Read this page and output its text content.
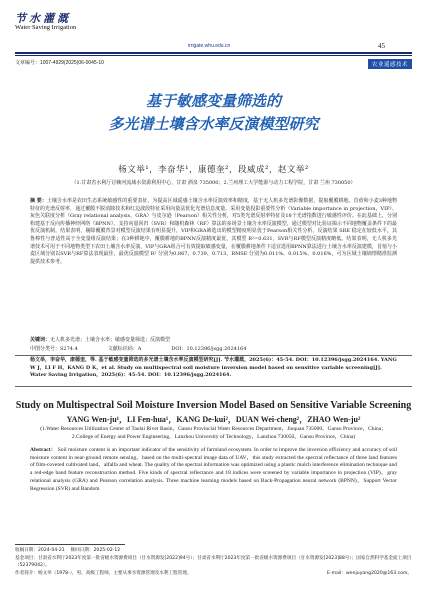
节水灌溉
Water Saving Irrigation
irrigate.whu.edu.cn	45
文章编号：1007-4929(2025)06-0045-10	农业遥感技术
基于敏感变量筛选的
多光谱土壤含水率反演模型研究
杨文举¹，李奋华¹，康德奎²，段威成²，赵文举²
（1.甘肃省水利厅讨赖河流域水资源利用中心，甘肃 酒泉 735000；2.兰州理工大学能源与动力工程学院，甘肃 兰州 730050）
摘 要：土壤含水率是农田生态系统敏感性的重要表征，为提高区域遥感土壤含水率反演效率和精度，基于无人机多光谱影像数据，提取覆膜耕地、苜蓿和小麦3种地物特征的光谱反射率，通过覆膜不脱消除技术和红边波段特征采用向量法优化光谱信息度量。采用变量投影重要性分析（Variable importance in projection，VIP）、灰色关联度分析（Gray relational analysis，GRA）与皮尔逊（Pearson）相关性分析，对5类光谱反射率特征及18个光谱指数进行敏感性评价。在此基础上，分别构建基于反向传播神经网络（BPNN）、支持向量回归（SVR）和随机森林（RF）算法的多场景土壤含水率反演模型，通过模型对比验证揭示不同地物覆盖条件下的最优反演机制。结果表明，剔除覆膜背景对模型反演结果有明显提升，VIP和GRA筛选出的模型精度明显优于Pearson相关性分析，反演结果 SRE 稳定在较低水平，其鲁棒性与普适性高于全变量组反演结果；在3种耕地中，覆膜耕地的BPNN反演精度最优，其模型 R²=0.631，SVR与RF模型反演精度略低。结果表明，无人机多光谱技术可用于不同地物类型下农田土壤含水率反演，VIP与GRA组合可有效提取敏感变量，在覆膜耕地条件下适宜选用BPNN算法进行土壤含水率反演建模，苜蓿与小麦区域分别以SVR与RF算法表现最佳，最优反演模型 R² 分别为0.867、0.739、0.713，RMSE 分别为0.011%、0.015%、0.016%，可为区域土壤墒情精准监测提供技术参考。
关键词：无人机多光谱；土壤含水率；敏感变量筛选；反演模型
中图分类号：S274.4	文献标识码：A	DOI：10.12396/jsgg.2024164
杨文举，李奋华，康德奎，等. 基于敏感变量筛选的多光谱土壤含水率反演模型研究[J]. 节水灌溉，2025(6)：45-54. DOI：10.12396/jsgg.2024164. YANG W J，LI F H，KANG D K，et al. Study on multispectral soil moisture inversion model based on sensitive variable screening[J]. Water Saving Irrigation，2025(6)：45-54. DOI：10.12396/jsgg.2024164.
Study on Multispectral Soil Moisture Inversion Model Based on Sensitive Variable Screening
YANG Wen-ju¹，LI Fen-hua¹，KANG De-kui²，DUAN Wei-cheng²，ZHAO Wen-ju²
(1.Water Resources Utilization Center of Taolai River Basin，Gansu Provincial Water Resources Department，Jiuquan 735000，Gansu Province，China；2.College of Energy and Power Engineering，Lanzhou University of Technology，Lanzhou 730050，Gansu Province，China)
Abstract： Soil moisture content is an important indicator of the sensitivity of farmland ecosystem. In order to improve the inversion efficiency and accuracy of soil moisture content in near-ground remote sensing，based on the multi-spectral image data of UAV，this study extracted the spectral reflectance of three land features of film-covered cultivated land，alfalfa and wheat. The quality of the spectral information was optimized using a plastic mulch interference elimination technique and a red-edge band feature reconstruction method. Five kinds of spectral reflectance and 18 indices were screened by variable importance in projection (VIP)，gray relational analysis (GRA) and Pearson correlation analysis. Three machine learning models based on Back-Propagation neural network (BPNN)，Support Vector Regression (SVR) and Random
收稿日期：2024-04-21 修回日期：2025-02-12
基金项目：甘肃省水利厅2023年度第一批省级水资源费项目（甘水资源发[2022]94号）；甘肃省水利厅2023年度第一批省级水资源费项目（甘水资源发[2023]88号）；国家自然科学基金面上项目（52379042）。
作者简介：杨文举（1978-），男，高级工程师，主要从事水资源管理及水利工程管理。	E-mail：wenjuyang2020@163.com。
